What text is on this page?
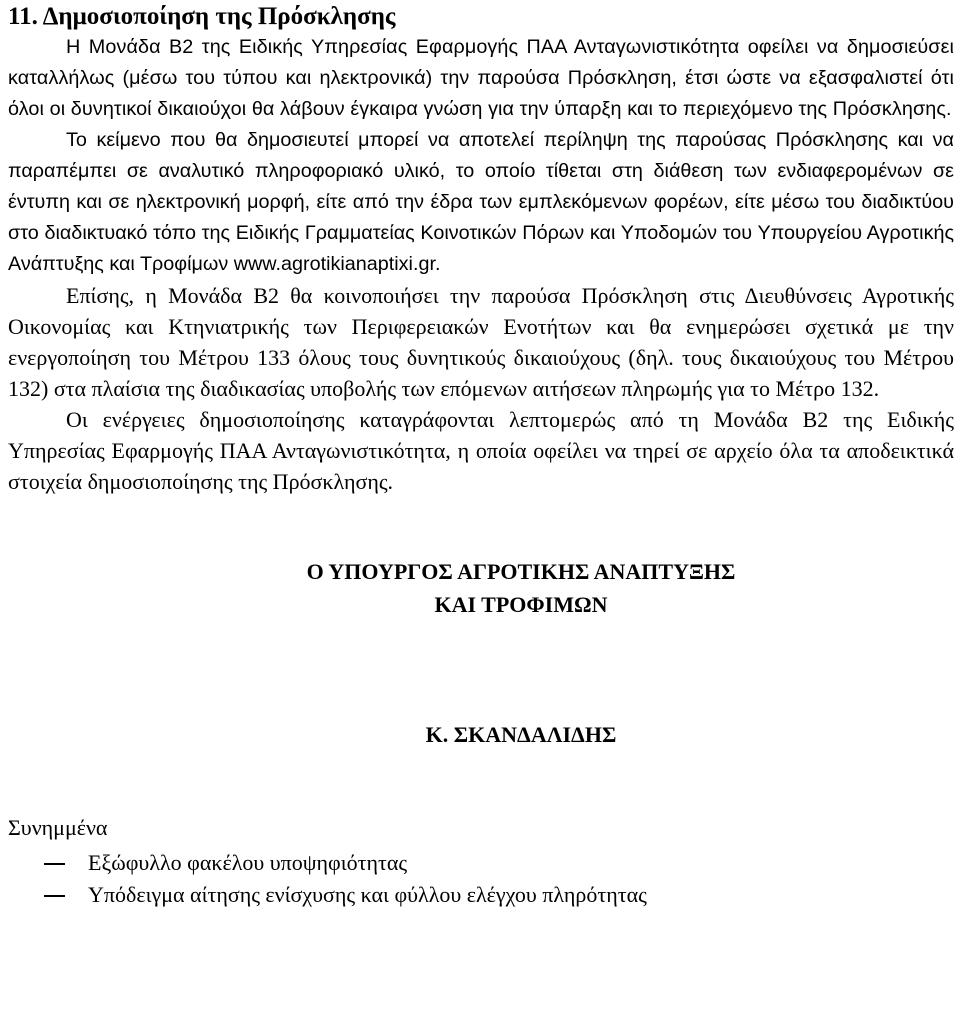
11. Δημοσιοποίηση της Πρόσκλησης

Η Μονάδα Β2 της Ειδικής Υπηρεσίας Εφαρμογής ΠΑΑ Ανταγωνιστικότητα οφείλει να δημοσιεύσει καταλλήλως (μέσω του τύπου και ηλεκτρονικά) την παρούσα Πρόσκληση, έτσι ώστε να εξασφαλιστεί ότι όλοι οι δυνητικοί δικαιούχοι θα λάβουν έγκαιρα γνώση για την ύπαρξη και το περιεχόμενο της Πρόσκλησης.

Το κείμενο που θα δημοσιευτεί μπορεί να αποτελεί περίληψη της παρούσας Πρόσκλησης και να παραπέμπει σε αναλυτικό πληροφοριακό υλικό, το οποίο τίθεται στη διάθεση των ενδιαφερομένων σε έντυπη και σε ηλεκτρονική μορφή, είτε από την έδρα των εμπλεκόμενων φορέων, είτε μέσω του διαδικτύου στο διαδικτυακό τόπο της Ειδικής Γραμματείας Κοινοτικών Πόρων και Υποδομών του Υπουργείου Αγροτικής Ανάπτυξης και Τροφίμων www.agrotikianaptixi.gr.

Επίσης, η Μονάδα Β2 θα κοινοποιήσει την παρούσα Πρόσκληση στις Διευθύνσεις Αγροτικής Οικονομίας και Κτηνιατρικής των Περιφερειακών Ενοτήτων και θα ενημερώσει σχετικά με την ενεργοποίηση του Μέτρου 133 όλους τους δυνητικούς δικαιούχους (δηλ. τους δικαιούχους του Μέτρου 132) στα πλαίσια της διαδικασίας υποβολής των επόμενων αιτήσεων πληρωμής για το Μέτρο 132.

Οι ενέργειες δημοσιοποίησης καταγράφονται λεπτομερώς από τη Μονάδα Β2 της Ειδικής Υπηρεσίας Εφαρμογής ΠΑΑ Ανταγωνιστικότητα, η οποία οφείλει να τηρεί σε αρχείο όλα τα αποδεικτικά στοιχεία δημοσιοποίησης της Πρόσκλησης.

Ο ΥΠΟΥΡΓΟΣ ΑΓΡΟΤΙΚΗΣ ΑΝΑΠΤΥΞΗΣ

ΚΑΙ ΤΡΟΦΙΜΩΝ

Κ. ΣΚΑΝΔΑΛΙΔΗΣ

Συνημμένα

Εξώφυλλο φακέλου υποψηφιότητας
Υπόδειγμα αίτησης ενίσχυσης και φύλλου ελέγχου πληρότητας
